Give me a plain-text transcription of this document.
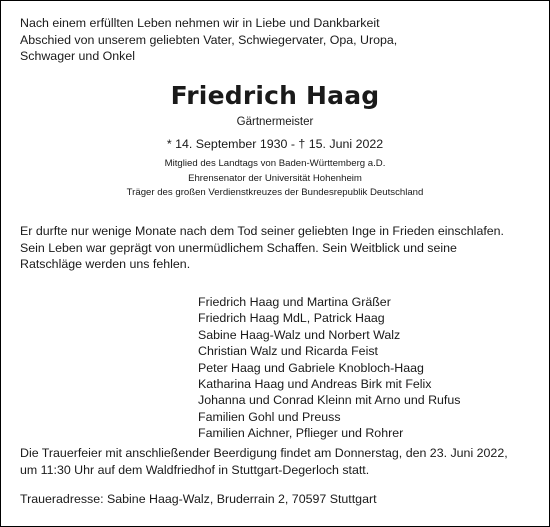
Nach einem erfüllten Leben nehmen wir in Liebe und Dankbarkeit
Abschied von unserem geliebten Vater, Schwiegervater, Opa, Uropa,
Schwager und Onkel
Friedrich Haag
Gärtnermeister
* 14. September 1930 - † 15. Juni 2022
Mitglied des Landtags von Baden-Württemberg a.D.
Ehrensenator der Universität Hohenheim
Träger des großen Verdienstkreuzes der Bundesrepublik Deutschland
Er durfte nur wenige Monate nach dem Tod seiner geliebten Inge in Frieden einschlafen.
Sein Leben war geprägt von unermüdlichem Schaffen. Sein Weitblick und seine
Ratschläge werden uns fehlen.
Friedrich Haag und Martina Gräßer
Friedrich Haag MdL, Patrick Haag
Sabine Haag-Walz und Norbert Walz
Christian Walz und Ricarda Feist
Peter Haag und Gabriele Knobloch-Haag
Katharina Haag und Andreas Birk mit Felix
Johanna und Conrad Kleinn mit Arno und Rufus
Familien Gohl und Preuss
Familien Aichner, Pflieger und Rohrer
Die Trauerfeier mit anschließender Beerdigung findet am Donnerstag, den 23. Juni 2022,
um 11:30 Uhr auf dem Waldfriedhof in Stuttgart-Degerloch statt.
Traueradresse: Sabine Haag-Walz, Bruderrain 2, 70597 Stuttgart
